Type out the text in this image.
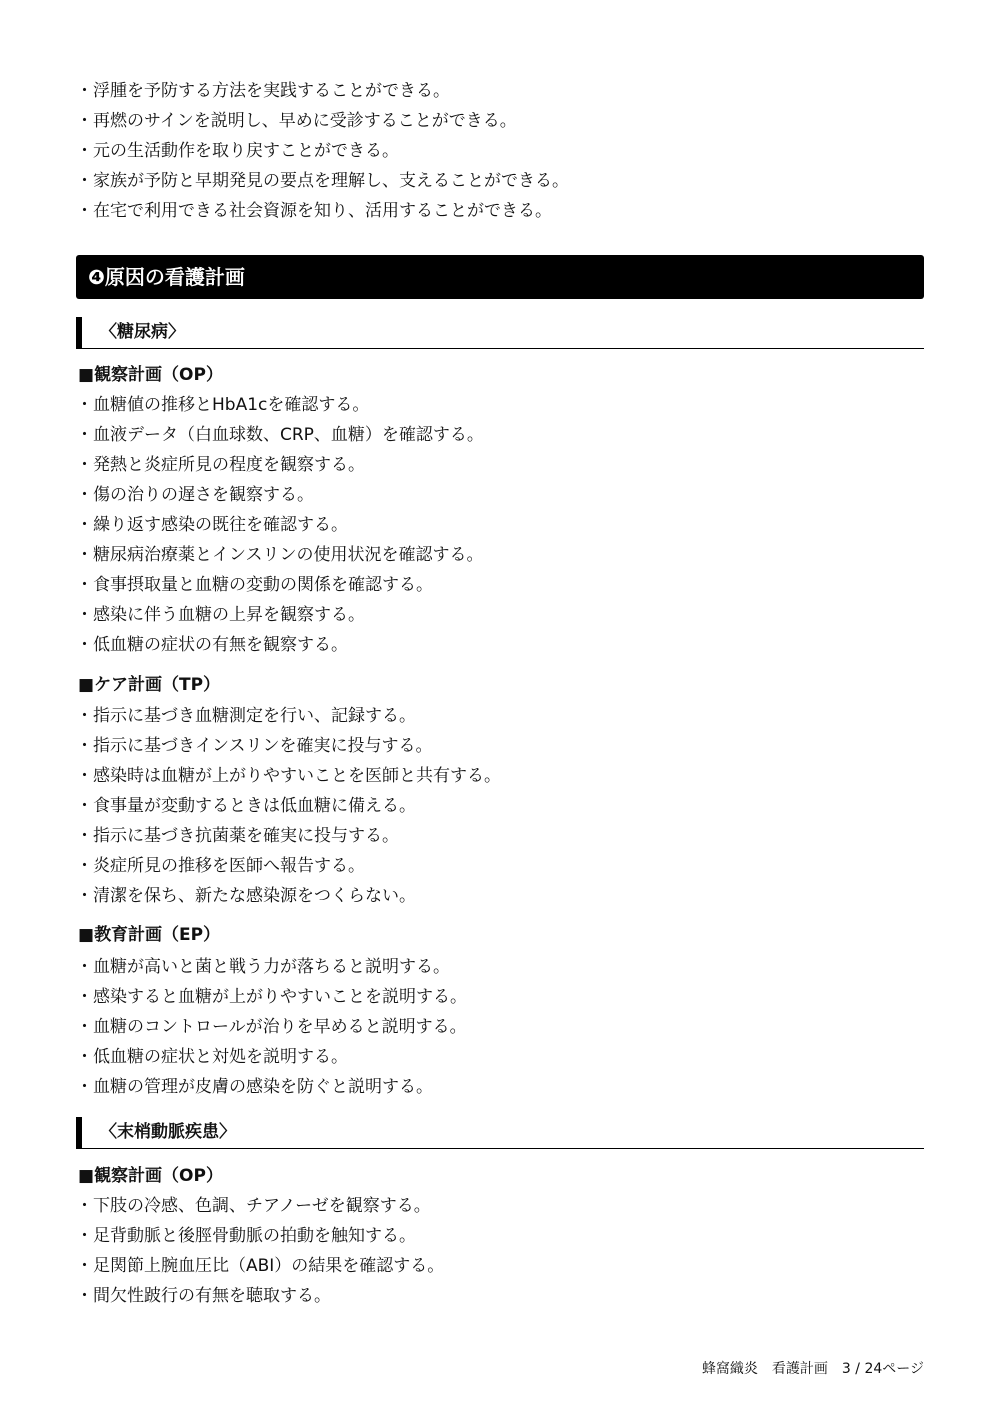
・ 浮腫を予防する方法を実践することができる。
・ 再燃のサインを説明し、早めに受診することができる。
・ 元の生活動作を取り戻すことができる。
・ 家族が予防と早期発見の要点を理解し、支えることができる。
・ 在宅で利用できる社会資源を知り、活用することができる。
❹原因の看護計画
〈糖尿病〉
■ 観察計画（OP）
・ 血糖値の推移とHbA1cを確認する。
・ 血液データ（白血球数、CRP、血糖）を確認する。
・ 発熱と炎症所見の程度を観察する。
・ 傷の治りの遅さを観察する。
・ 繰り返す感染の既往を確認する。
・ 糖尿病治療薬とインスリンの使用状況を確認する。
・ 食事摂取量と血糖の変動の関係を確認する。
・ 感染に伴う血糖の上昇を観察する。
・ 低血糖の症状の有無を観察する。
■ ケア計画（TP）
・ 指示に基づき血糖測定を行い、記録する。
・ 指示に基づきインスリンを確実に投与する。
・ 感染時は血糖が上がりやすいことを医師と共有する。
・ 食事量が変動するときは低血糖に備える。
・ 指示に基づき抗菌薬を確実に投与する。
・ 炎症所見の推移を医師へ報告する。
・ 清潔を保ち、新たな感染源をつくらない。
■ 教育計画（EP）
・ 血糖が高いと菌と戦う力が落ちると説明する。
・ 感染すると血糖が上がりやすいことを説明する。
・ 血糖のコントロールが治りを早めると説明する。
・ 低血糖の症状と対処を説明する。
・ 血糖の管理が皮膚の感染を防ぐと説明する。
〈末梢動脈疾患〉
■ 観察計画（OP）
・ 下肢の冷感、色調、チアノーゼを観察する。
・ 足背動脈と後脛骨動脈の拍動を触知する。
・ 足関節上腕血圧比（ABI）の結果を確認する。
・ 間欠性跛行の有無を聴取する。
蜂窩織炎　看護計画　3 / 24ページ
